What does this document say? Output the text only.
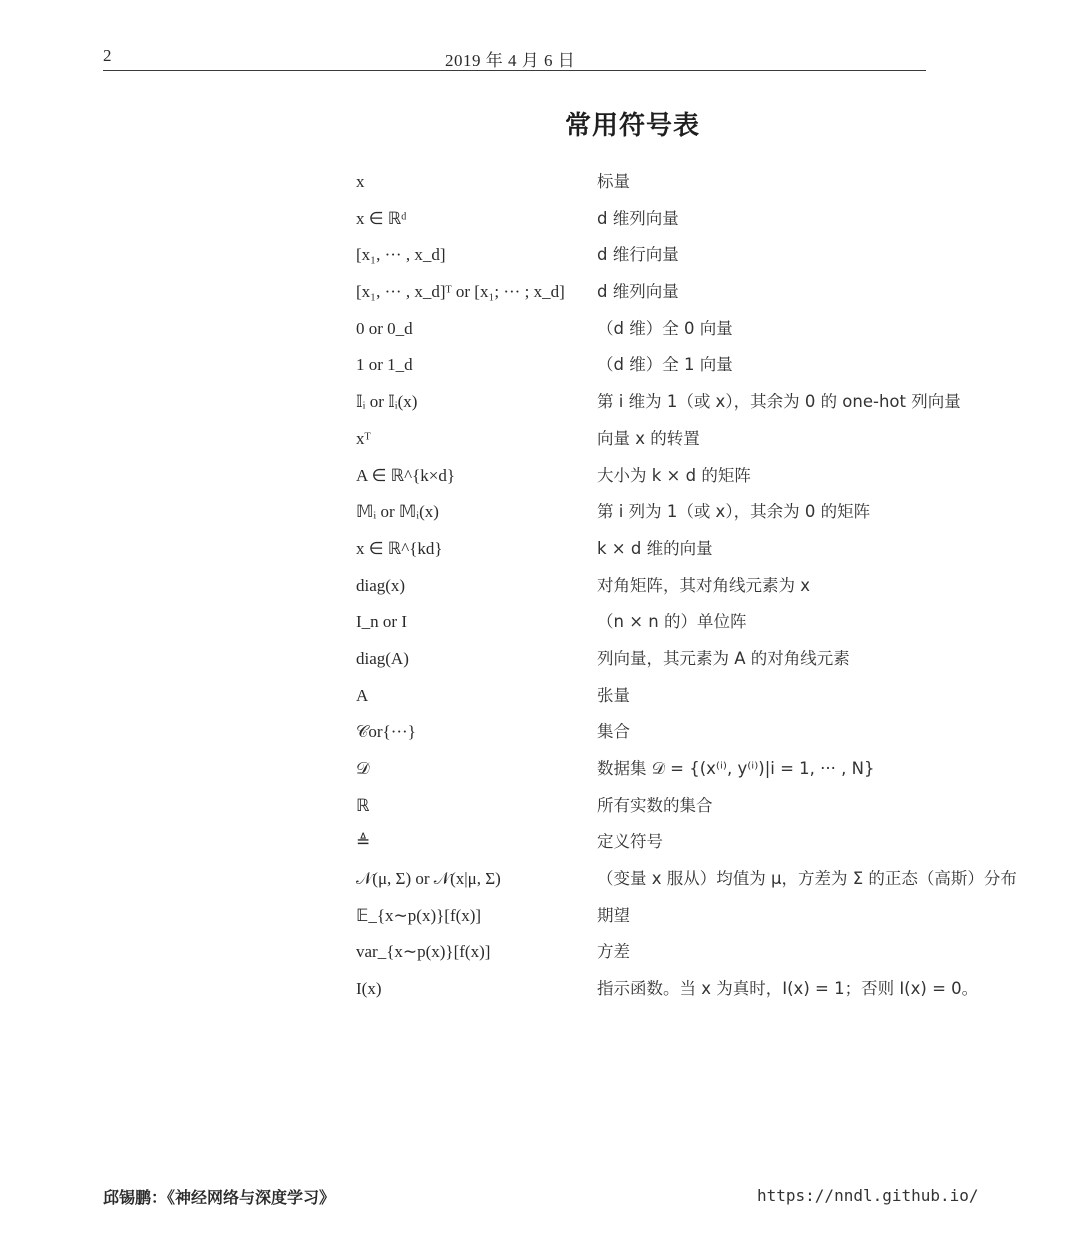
2	2019 年 4 月 6 日
常用符号表
x	标量
x ∈ ℝᵈ	d 维列向量
[x₁, ··· , x_d]	d 维行向量
[x₁, ··· , x_d]ᵀ or [x₁; ··· ; x_d] d 维列向量
0 or 0_d	（d 维）全 0 向量
1 or 1_d	（d 维）全 1 向量
𝕀ᵢ or 𝕀ᵢ(x)	第 i 维为 1（或 x），其余为 0 的 one-hot 列向量
xᵀ	向量 x 的转置
A ∈ ℝ^{k×d}	大小为 k × d 的矩阵
𝕄ᵢ or 𝕄ᵢ(x)	第 i 列为 1（或 x），其余为 0 的矩阵
x ∈ ℝ^{kd}	k × d 维的向量
diag(x)	对角矩阵，其对角线元素为 x
I_n or I	（n × n 的）单位阵
diag(A)	列向量，其元素为 A 的对角线元素
A	张量
𝒞or{···}	集合
𝒟	数据集 𝒟 = {(x⁽ⁱ⁾, y⁽ⁱ⁾)|i = 1, ··· , N}
ℝ	所有实数的集合
≜	定义符号
𝒩(μ, Σ) or 𝒩(x|μ, Σ)	（变量 x 服从）均值为 μ，方差为 Σ 的正态（高斯）分布
𝔼_{x∼p(x)}[f(x)]	期望
var_{x∼p(x)}[f(x)]	方差
I(x)	指示函数。当 x 为真时，I(x) = 1；否则 I(x) = 0。
邱锡鹏：《神经网络与深度学习》	https://nndl.github.io/
